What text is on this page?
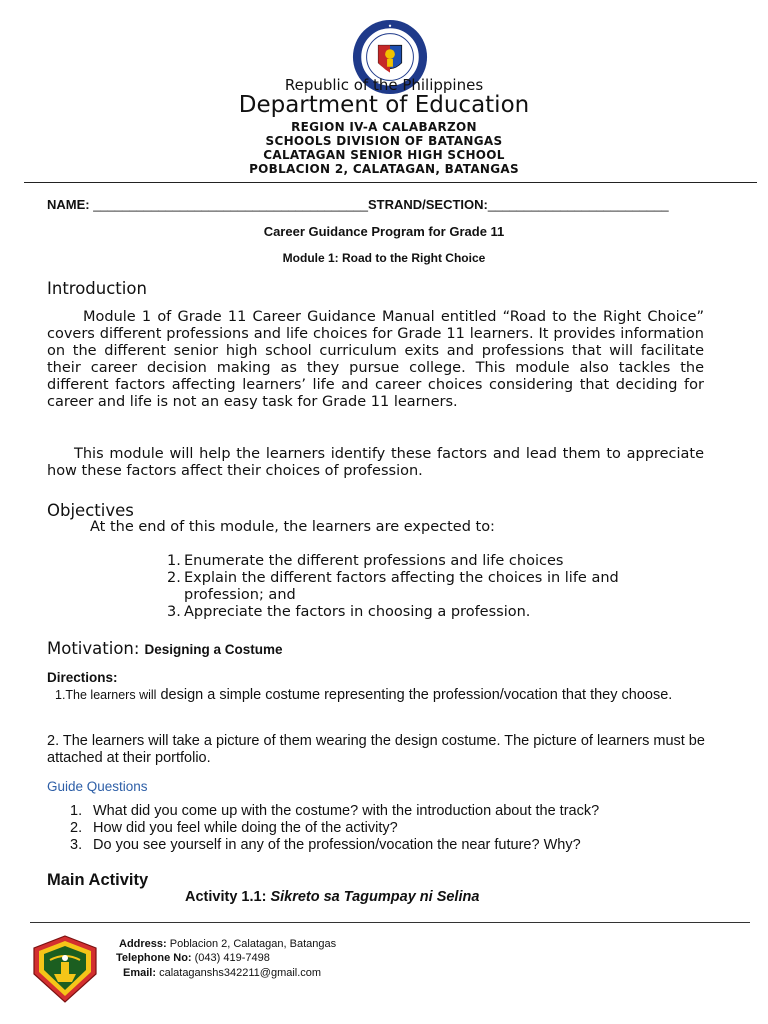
Republic of the Philippines
Department of Education
REGION IV-A CALABARZON
SCHOOLS DIVISION OF BATANGAS
CALATAGAN SENIOR HIGH SCHOOL
POBLACION 2, CALATAGAN, BATANGAS
NAME: ______________________________________STRAND/SECTION:_________________________
Career Guidance Program for Grade 11
Module 1: Road to the Right Choice
Introduction
Module 1 of Grade 11 Career Guidance Manual entitled “Road to the Right Choice” covers different professions and life choices for Grade 11 learners. It provides information on the different senior high school curriculum exits and professions that will facilitate their career decision making as they pursue college. This module also tackles the different factors affecting learners’ life and career choices considering that deciding for career and life is not an easy task for Grade 11 learners.
This module will help the learners identify these factors and lead them to appreciate how these factors affect their choices of profession.
Objectives
At the end of this module, the learners are expected to:
1. Enumerate the different professions and life choices
2. Explain the different factors affecting the choices in life and profession; and
3. Appreciate the factors in choosing a profession.
Motivation: Designing a Costume
Directions:
1.The learners will design a simple costume representing the profession/vocation that they choose.
2. The learners will take a picture of them wearing the design costume. The picture of learners must be attached at their portfolio.
Guide Questions
1. What did you come up with the costume? with the introduction about the track?
2. How did you feel while doing the of the activity?
3. Do you see yourself in any of the profession/vocation the near future? Why?
Main Activity
Activity 1.1: Sikreto sa Tagumpay ni Selina
Address: Poblacion 2, Calatagan, Batangas
Telephone No: (043) 419-7498
Email: calataganshs342211@gmail.com
